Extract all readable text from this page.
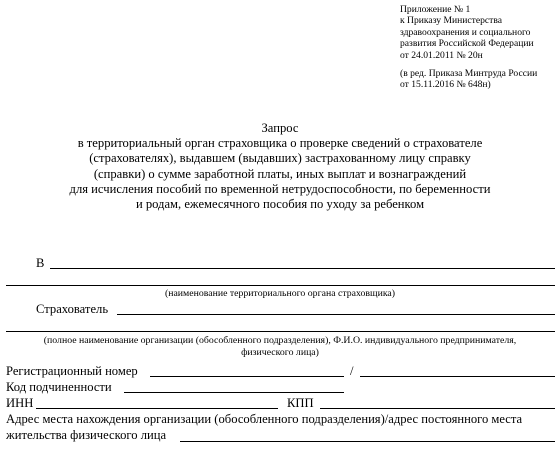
Приложение № 1
к Приказу Министерства
здравоохранения и социального
развития Российской Федерации
от 24.01.2011 № 20н
(в ред. Приказа Минтруда России
от 15.11.2016 № 648н)
Запрос
в территориальный орган страховщика о проверке сведений о страхователе
(страхователях), выдавшем (выдавших) застрахованному лицу справку
(справки) о сумме заработной платы, иных выплат и вознаграждений
для исчисления пособий по временной нетрудоспособности, по беременности
и родам, ежемесячного пособия по уходу за ребенком
В
(наименование территориального органа страховщика)
Страхователь
(полное наименование организации (обособленного подразделения), Ф.И.О. индивидуального предпринимателя,
физического лица)
Регистрационный номер	/
Код подчиненности
ИНН	КПП
Адрес места нахождения организации (обособленного подразделения)/адрес постоянного места
жительства физического лица
